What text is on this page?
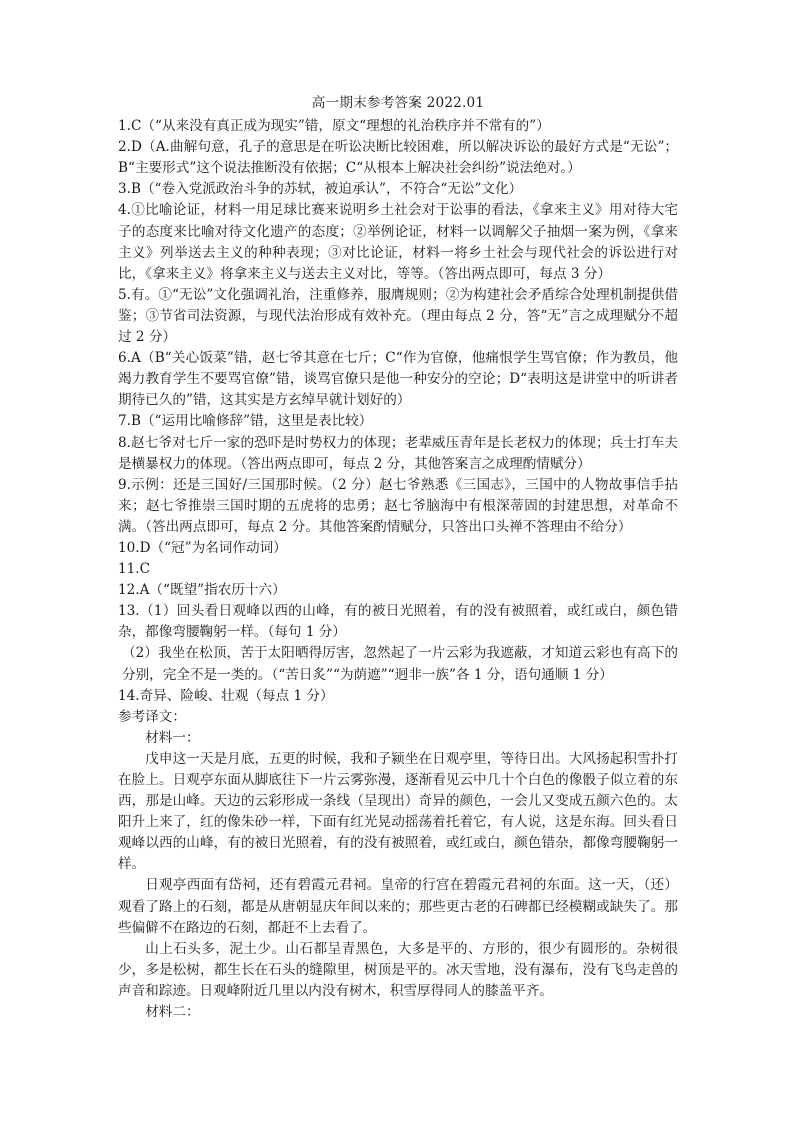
高一期末参考答案 2022.01

1.C（“从来没有真正成为现实”错，原文“理想的礼治秩序并不常有的”）

2.D（A.曲解句意，孔子的意思是在听讼决断比较困难，所以解决诉讼的最好方式是“无讼”；B“主要形式”这个说法推断没有依据；C“从根本上解决社会纠纷”说法绝对。）

3.B（“卷入党派政治斗争的苏轼，被迫承认”，不符合“无讼”文化）

4.①比喻论证，材料一用足球比赛来说明乡土社会对于讼事的看法，《拿来主义》用对待大宅子的态度来比喻对待文化遗产的态度；②举例论证，材料一以调解父子抽烟一案为例，《拿来主义》列举送去主义的种种表现；③对比论证，材料一将乡土社会与现代社会的诉讼进行对比，《拿来主义》将拿来主义与送去主义对比，等等。（答出两点即可，每点 3 分）

5.有。①“无讼”文化强调礼治，注重修养，服膺规则；②为构建社会矛盾综合处理机制提供借鉴；③节省司法资源，与现代法治形成有效补充。（理由每点 2 分，答“无”言之成理赋分不超过 2 分）

6.A（B“关心饭菜”错，赵七爷其意在七斤；C“作为官僚，他痛恨学生骂官僚；作为教员，他竭力教育学生不要骂官僚”错，谈骂官僚只是他一种安分的空论；D“表明这是讲堂中的听讲者期待已久的”错，这其实是方玄绰早就计划好的）

7.B（“运用比喻修辞”错，这里是表比较）

8.赵七爷对七斤一家的恐吓是时势权力的体现；老辈威压青年是长老权力的体现；兵士打车夫是横暴权力的体现。（答出两点即可，每点 2 分，其他答案言之成理酌情赋分）

9.示例：还是三国好/三国那时候。（2 分）赵七爷熟悉《三国志》，三国中的人物故事信手拈来；赵七爷推崇三国时期的五虎将的忠勇；赵七爷脑海中有根深蒂固的封建思想，对革命不满。（答出两点即可，每点 2 分。其他答案酌情赋分，只答出口头禅不答理由不给分）

10.D（“冠”为名词作动词）

11.C

12.A（“既望”指农历十六）

13.（1）回头看日观峰以西的山峰，有的被日光照着，有的没有被照着，或红或白，颜色错杂，都像弯腰鞠躬一样。（每句 1 分）

（2）我坐在松顶，苦于太阳晒得厉害，忽然起了一片云彩为我遮蔽，才知道云彩也有高下的分别，完全不是一类的。（“苦日炙”“为荫遮”“迥非一族”各 1 分，语句通顺 1 分）

14.奇异、险峻、壮观（每点 1 分）

参考译文：

材料一：

戊申这一天是月底，五更的时候，我和子颍坐在日观亭里，等待日出。大风扬起积雪扑打在脸上。日观亭东面从脚底往下一片云雾弥漫，逐渐看见云中几十个白色的像骰子似立着的东西，那是山峰。天边的云彩形成一条线（呈现出）奇异的颜色，一会儿又变成五颜六色的。太阳升上来了，红的像朱砂一样，下面有红光晃动摇荡着托着它，有人说，这是东海。回头看日观峰以西的山峰，有的被日光照着，有的没有被照着，或红或白，颜色错杂，都像弯腰鞠躬一样。

日观亭西面有岱祠，还有碧霞元君祠。皇帝的行宫在碧霞元君祠的东面。这一天，（还）观看了路上的石刻，都是从唐朝显庆年间以来的；那些更古老的石碑都已经模糊或缺失了。那些偏僻不在路边的石刻，都赶不上去看了。

山上石头多，泥土少。山石都呈青黑色，大多是平的、方形的，很少有圆形的。杂树很少，多是松树，都生长在石头的缝隙里，树顶是平的。冰天雪地，没有瀑布，没有飞鸟走兽的声音和踪迹。日观峰附近几里以内没有树木，积雪厚得同人的膝盖平齐。

材料二：
